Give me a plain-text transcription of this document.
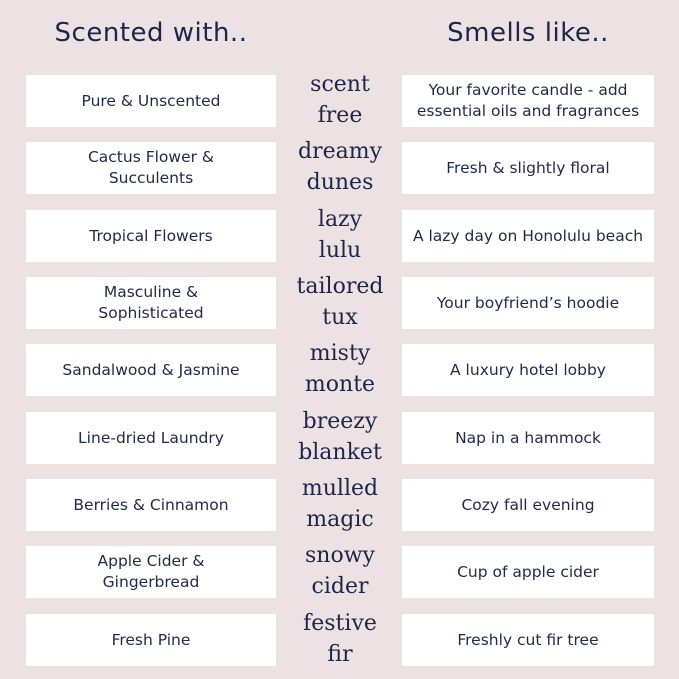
Scented with..	Smells like..
Pure & Unscented
scent
free
Your favorite candle - add
essential oils and fragrances
Cactus Flower &
Succulents
dreamy
dunes
Fresh & slightly floral
Tropical Flowers
lazy
lulu
A lazy day on Honolulu beach
Masculine &
Sophisticated
tailored
tux
Your boyfriend’s hoodie
Sandalwood & Jasmine
misty
monte
A luxury hotel lobby
Line-dried Laundry
breezy
blanket
Nap in a hammock
Berries & Cinnamon
mulled
magic
Cozy fall evening
Apple Cider &
Gingerbread
snowy
cider
Cup of apple cider
Fresh Pine
festive
fir
Freshly cut fir tree
